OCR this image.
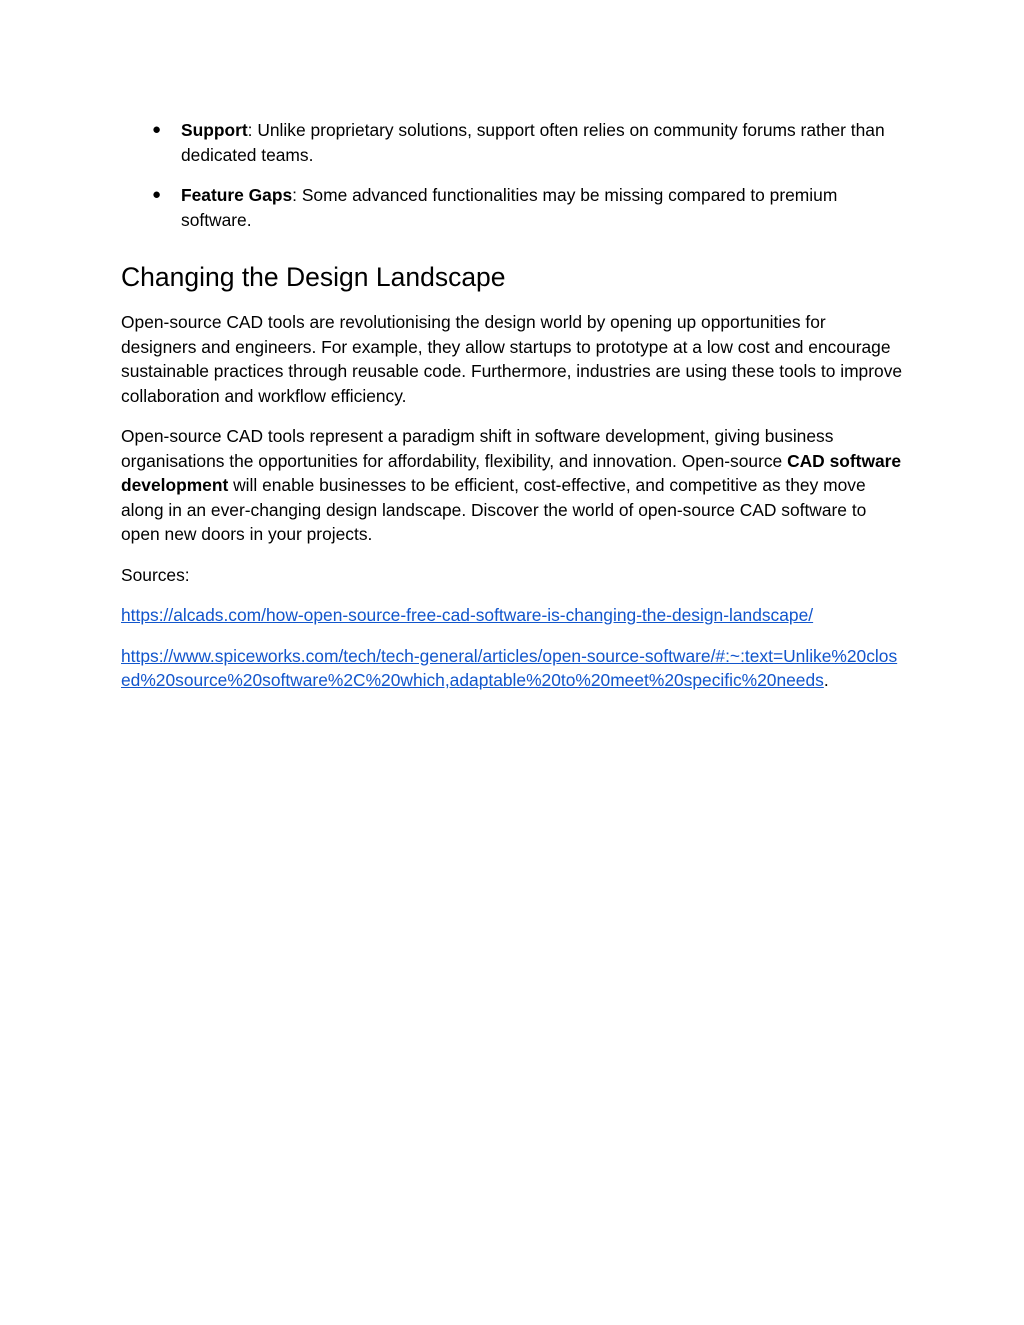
● Support: Unlike proprietary solutions, support often relies on community forums rather than dedicated teams.
● Feature Gaps: Some advanced functionalities may be missing compared to premium software.
Changing the Design Landscape

Open-source CAD tools are revolutionising the design world by opening up opportunities for designers and engineers. For example, they allow startups to prototype at a low cost and encourage sustainable practices through reusable code. Furthermore, industries are using these tools to improve collaboration and workflow efficiency.

Open-source CAD tools represent a paradigm shift in software development, giving business organisations the opportunities for affordability, flexibility, and innovation. Open-source CAD software development will enable businesses to be efficient, cost-effective, and competitive as they move along in an ever-changing design landscape. Discover the world of open-source CAD software to open new doors in your projects.

Sources:

https://alcads.com/how-open-source-free-cad-software-is-changing-the-design-landscape/

https://www.spiceworks.com/tech/tech-general/articles/open-source-software/#:~:text=Unlike%20closed%20source%20software%2C%20which,adaptable%20to%20meet%20specific%20needs.
